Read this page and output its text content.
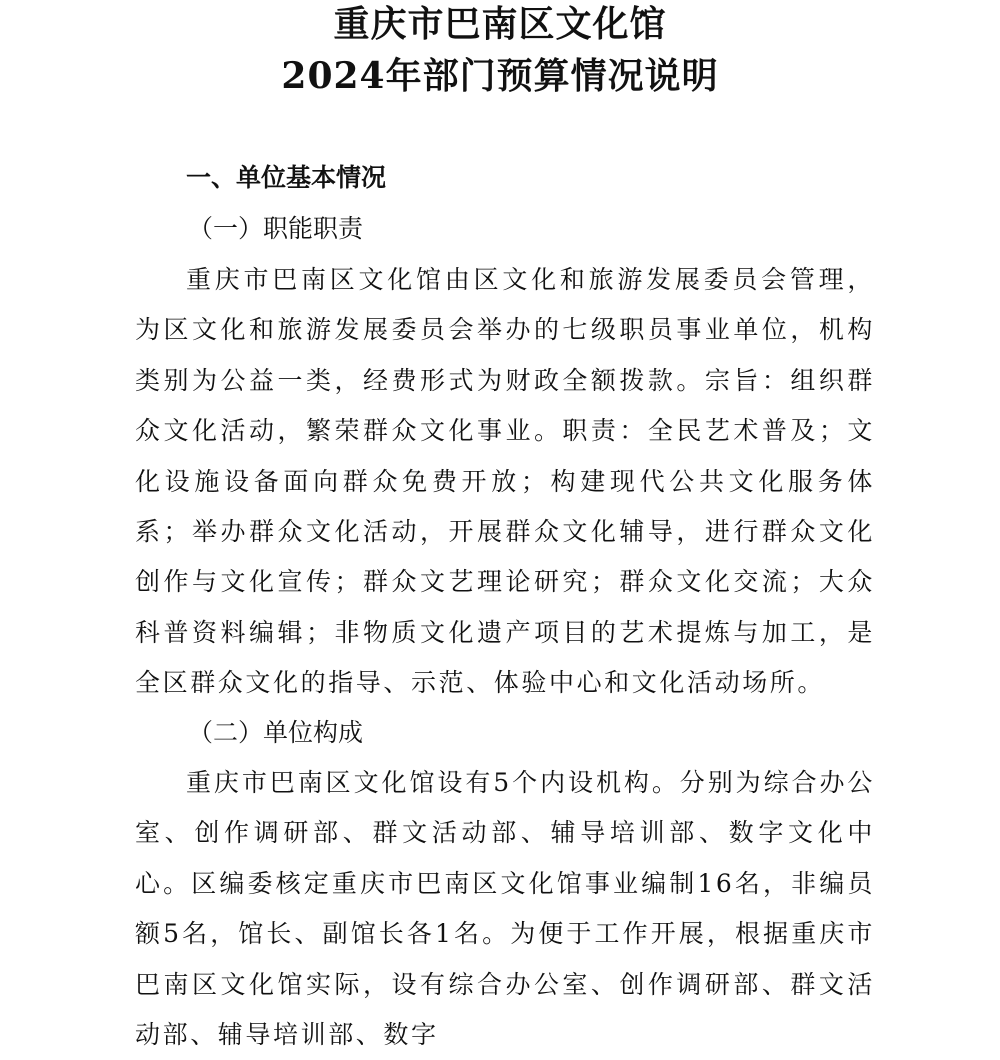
重庆市巴南区文化馆
2024年部门预算情况说明
一、单位基本情况
（一）职能职责

重庆市巴南区文化馆由区文化和旅游发展委员会管理，为区文化和旅游发展委员会举办的七级职员事业单位，机构类别为公益一类，经费形式为财政全额拨款。宗旨：组织群众文化活动，繁荣群众文化事业。职责：全民艺术普及；文化设施设备面向群众免费开放；构建现代公共文化服务体系；举办群众文化活动，开展群众文化辅导，进行群众文化创作与文化宣传；群众文艺理论研究；群众文化交流；大众科普资料编辑；非物质文化遗产项目的艺术提炼与加工，是全区群众文化的指导、示范、体验中心和文化活动场所。

（二）单位构成

重庆市巴南区文化馆设有5个内设机构。分别为综合办公室、创作调研部、群文活动部、辅导培训部、数字文化中心。区编委核定重庆市巴南区文化馆事业编制16名，非编员额5名，馆长、副馆长各1名。为便于工作开展，根据重庆市巴南区文化馆实际，设有综合办公室、创作调研部、群文活动部、辅导培训部、数字
